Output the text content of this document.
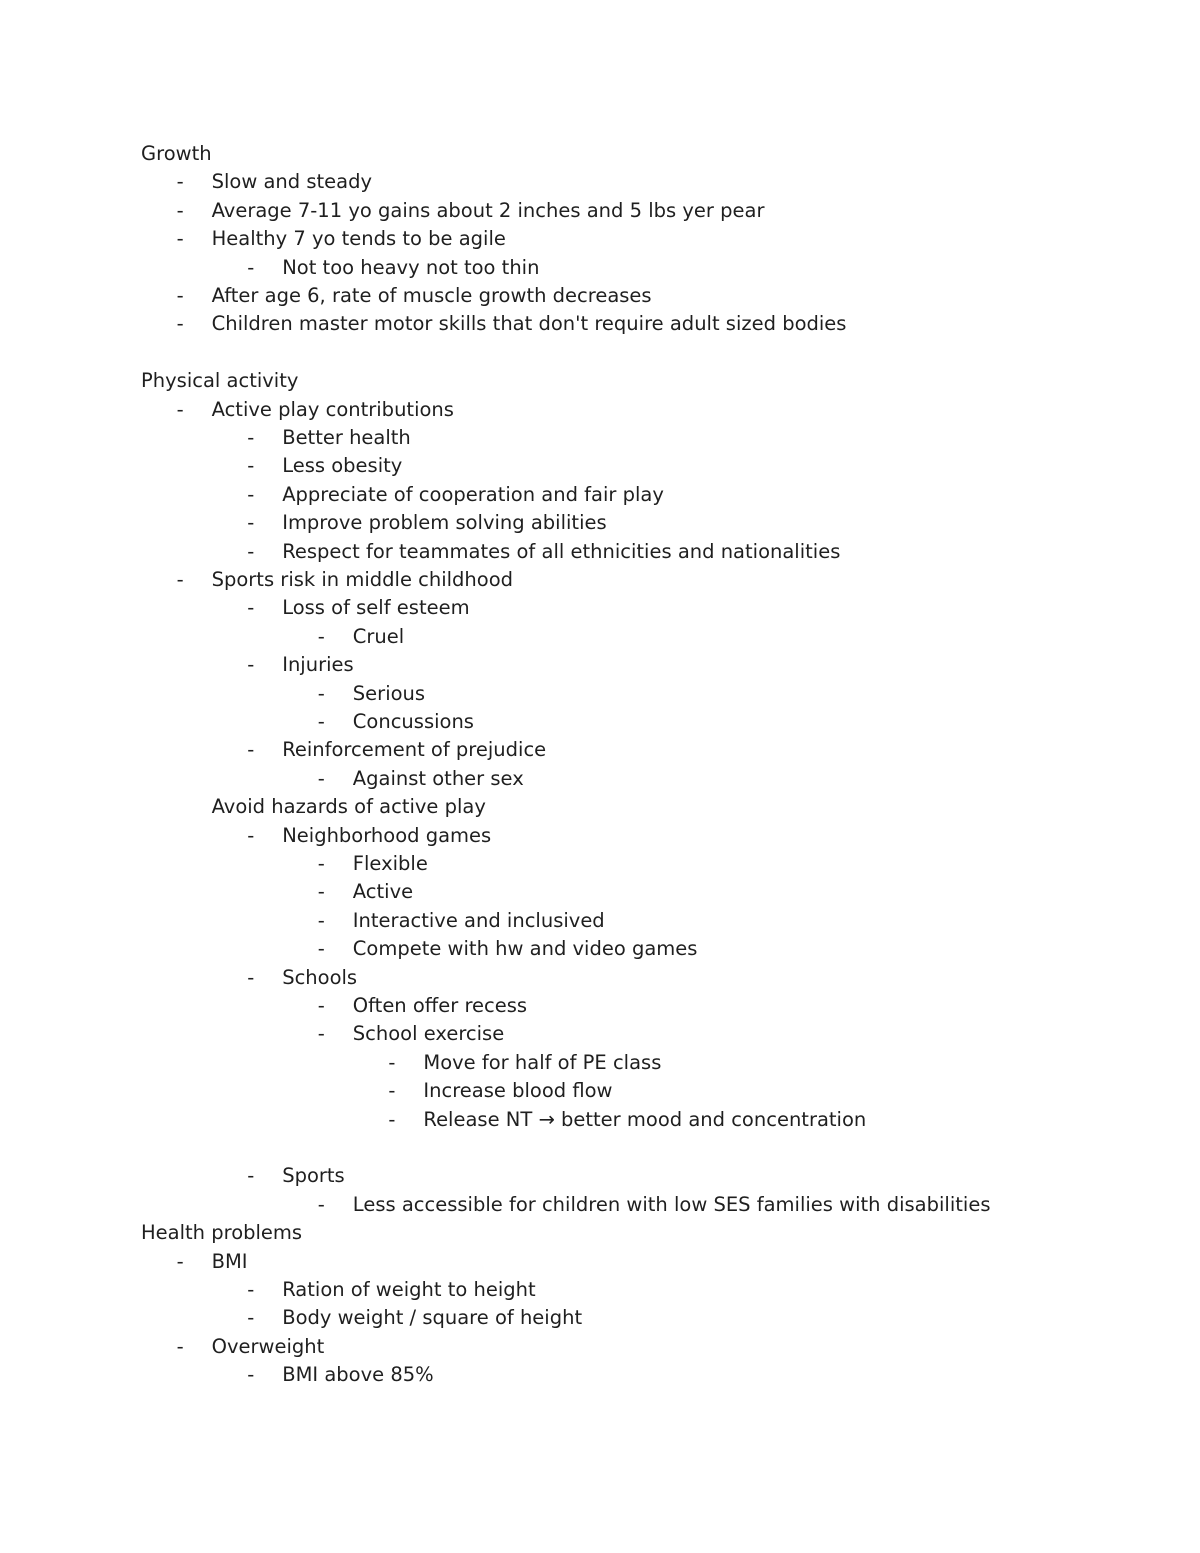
Growth
-	Slow and steady
-	Average 7-11 yo gains about 2 inches and 5 lbs yer pear
-	Healthy 7 yo tends to be agile
-	Not too heavy not too thin
-	After age 6, rate of muscle growth decreases
-	Children master motor skills that don't require adult sized bodies
Physical activity
-	Active play contributions
-	Better health
-	Less obesity
-	Appreciate of cooperation and fair play
-	Improve problem solving abilities
-	Respect for teammates of all ethnicities and nationalities
-	Sports risk in middle childhood
-	Loss of self esteem
-	Cruel
-	Injuries
-	Serious
-	Concussions
-	Reinforcement of prejudice
-	Against other sex
Avoid hazards of active play
-	Neighborhood games
-	Flexible
-	Active
-	Interactive and inclusived
-	Compete with hw and video games
-	Schools
-	Often offer recess
-	School exercise
-	Move for half of PE class
-	Increase blood flow
-	Release NT → better mood and concentration
-	Sports
-	Less accessible for children with low SES families with disabilities
Health problems
-	BMI
-	Ration of weight to height
-	Body weight / square of height
-	Overweight
-	BMI above 85%
